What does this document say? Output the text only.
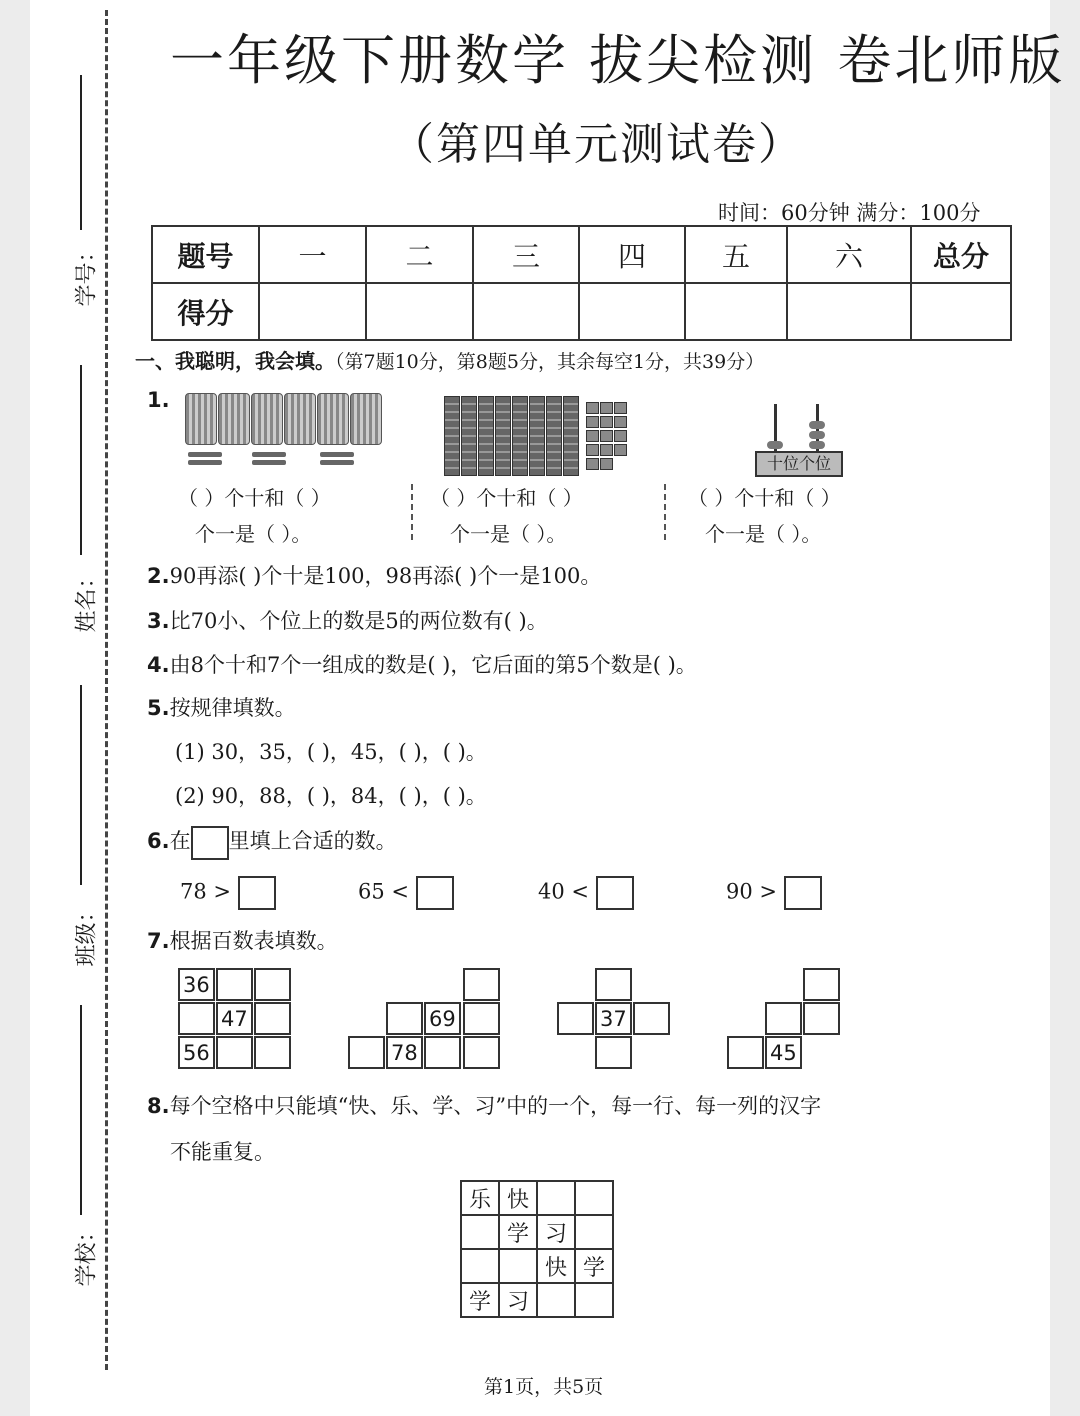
学号：
姓名：
班级：
学校：
一年级下册数学 拔尖检测 卷北师版
（第四单元测试卷）
时间：60分钟 满分：100分
题号	一	二	三	四	五	六	总分
得分							
一、我聪明，我会填。（第7题10分，第8题5分，其余每空1分，共39分）
1.
十位个位
（ ）个十和（ ）
个一是（ ）。
（ ）个十和（ ）
个一是（ ）。
（ ）个十和（ ）
个一是（ ）。
2.90再添( )个十是100，98再添( )个一是100。
3.比70小、个位上的数是5的两位数有( )。
4.由8个十和7个一组成的数是( )，它后面的第5个数是( )。
5.按规律填数。
(1) 30，35，( )，45，( )，( )。
(2) 90，88，( )，84，( )，( )。
6.在 里填上合适的数。
78 >	65 <	40 <	90 >
7.根据百数表填数。
36
47
56
69
78
37
45
8.每个空格中只能填“快、乐、学、习”中的一个，每一行、每一列的汉字
不能重复。
乐	快		
	学	习	
		快	学
学	习		
第1页，共5页
